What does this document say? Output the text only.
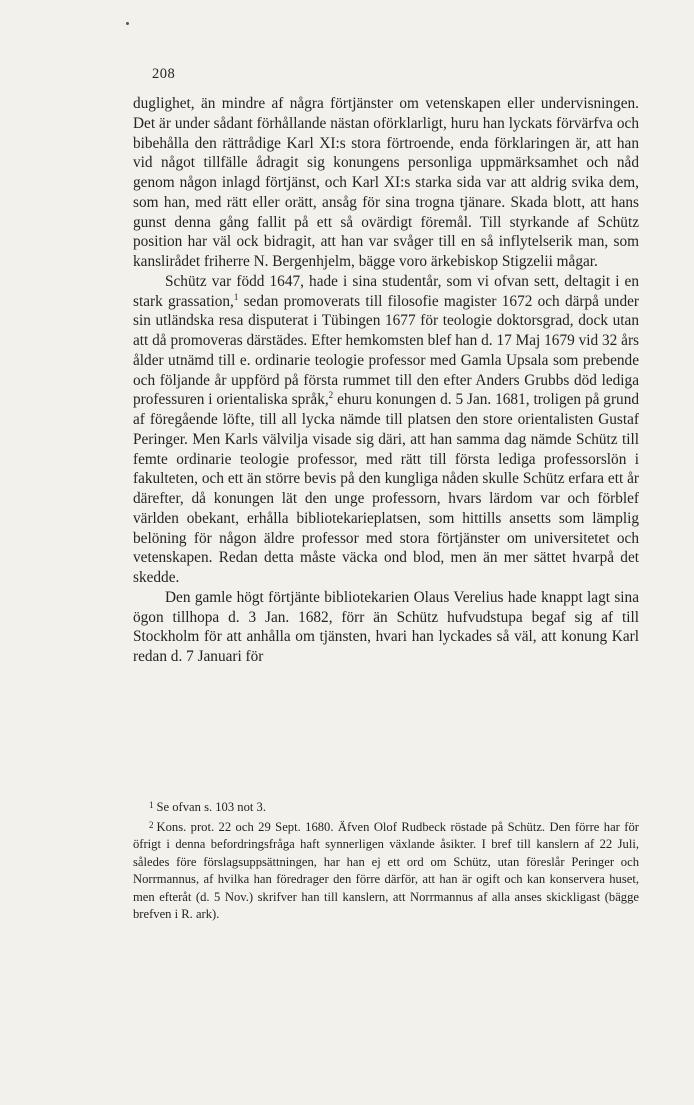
208

duglighet, än mindre af några förtjänster om vetenskapen eller undervisningen. Det är under sådant förhållande nästan oförklarligt, huru han lyckats förvärfva och bibehålla den rättrådige Karl XI:s stora förtroende, enda förklaringen är, att han vid något tillfälle ådragit sig konungens personliga uppmärksamhet och nåd genom någon inlagd förtjänst, och Karl XI:s starka sida var att aldrig svika dem, som han, med rätt eller orätt, ansåg för sina trogna tjänare. Skada blott, att hans gunst denna gång fallit på ett så ovärdigt föremål. Till styrkande af Schütz position har väl ock bidragit, att han var svåger till en så inflytelserik man, som kanslirådet friherre N. Bergenhjelm, bägge voro ärkebiskop Stigzelii mågar.

Schütz var född 1647, hade i sina studentår, som vi ofvan sett, deltagit i en stark grassation,$^1$ sedan promoverats till filosofie magister 1672 och därpå under sin utländska resa disputerat i Tübingen 1677 för teologie doktorsgrad, dock utan att då promoveras därstädes. Efter hemkomsten blef han d. 17 Maj 1679 vid 32 års ålder utnämd till e. ordinarie teologie professor med Gamla Upsala som prebende och följande år uppförd på första rummet till den efter Anders Grubbs död lediga professuren i orientaliska språk,$^2$ ehuru konungen d. 5 Jan. 1681, troligen på grund af föregående löfte, till all lycka nämde till platsen den store orientalisten Gustaf Peringer. Men Karls välvilja visade sig däri, att han samma dag nämde Schütz till femte ordinarie teologie professor, med rätt till första lediga professorslön i fakulteten, och ett än större bevis på den kungliga nåden skulle Schütz erfara ett år därefter, då konungen lät den unge professorn, hvars lärdom var och förblef världen obekant, erhålla bibliotekarieplatsen, som hittills ansetts som lämplig belöning för någon äldre professor med stora förtjänster om universitetet och vetenskapen. Redan detta måste väcka ond blod, men än mer sättet hvarpå det skedde.

Den gamle högt förtjänte bibliotekarien Olaus Verelius hade knappt lagt sina ögon tillhopa d. 3 Jan. 1682, förr än Schütz hufvudstupa begaf sig af till Stockholm för att anhålla om tjänsten, hvari han lyckades så väl, att konung Karl redan d. 7 Januari för

$^1$ Se ofvan s. 103 not 3.

$^2$ Kons. prot. 22 och 29 Sept. 1680. Äfven Olof Rudbeck röstade på Schütz. Den förre har för öfrigt i denna befordringsfråga haft synnerligen växlande åsikter. I bref till kanslern af 22 Juli, således före förslagsuppsättningen, har han ej ett ord om Schütz, utan föreslår Peringer och Norrmannus, af hvilka han föredrager den förre därför, att han är ogift och kan konservera huset, men efteråt (d. 5 Nov.) skrifver han till kanslern, att Norrmannus af alla anses skickligast (bägge brefven i R. ark).
